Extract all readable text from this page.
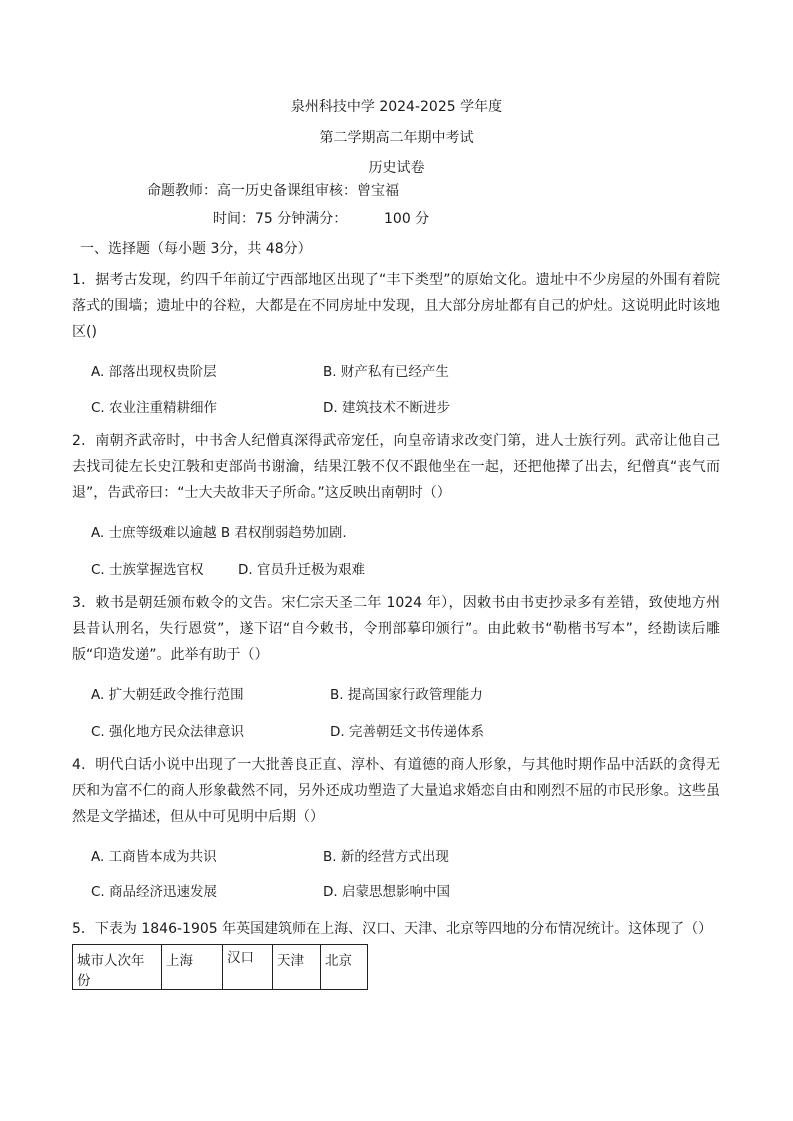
泉州科技中学 2024-2025 学年度
第二学期高二年期中考试
历史试卷
命题教师：高一历史备课组审核：曾宝福
时间：75 分钟满分：	100 分
一、选择题（每小题 3分，共 48分）
1．据考古发现，约四千年前辽宁西部地区出现了“丰下类型”的原始文化。遗址中不少房屋的外围有着院落式的围墙；遗址中的谷粒，大都是在不同房址中发现，且大部分房址都有自己的炉灶。这说明此时该地区()
A. 部落出现权贵阶层	B. 财产私有已经产生
C. 农业注重精耕细作	D. 建筑技术不断进步
2．南朝齐武帝时，中书舍人纪僧真深得武帝宠任，向皇帝请求改变门第，进人士族行列。武帝让他自己去找司徒左长史江斅和吏部尚书谢瀹，结果江斅不仅不跟他坐在一起，还把他撵了出去，纪僧真“丧气而退”，告武帝曰：“士大夫故非天子所命。”这反映出南朝时（）
A. 士庶等级难以逾越 B 君权削弱趋势加剧.
C. 士族掌握选官权	D. 官员升迁极为艰难
3．敕书是朝廷颁布敕令的文告。宋仁宗天圣二年 1024 年），因敕书由书吏抄录多有差错，致使地方州县昔认刑名，失行恩赏”，遂下诏“自今敕书，令刑部摹印颁行”。由此敕书“勒楷书写本”，经勘读后雕版“印造发递”。此举有助于（）
A. 扩大朝廷政令推行范围	B. 提高国家行政管理能力
C. 强化地方民众法律意识	D. 完善朝廷文书传递体系
4．明代白话小说中出现了一大批善良正直、淳朴、有道德的商人形象，与其他时期作品中活跃的贪得无厌和为富不仁的商人形象截然不同，另外还成功塑造了大量追求婚恋自由和刚烈不屈的市民形象。这些虽然是文学描述，但从中可见明中后期（）
A. 工商皆本成为共识	B. 新的经营方式出现
C. 商品经济迅速发展	D. 启蒙思想影响中国
5．下表为 1846-1905 年英国建筑师在上海、汉口、天津、北京等四地的分布情况统计。这体现了（）
城市人次年份	上海	汉口	天津	北京
